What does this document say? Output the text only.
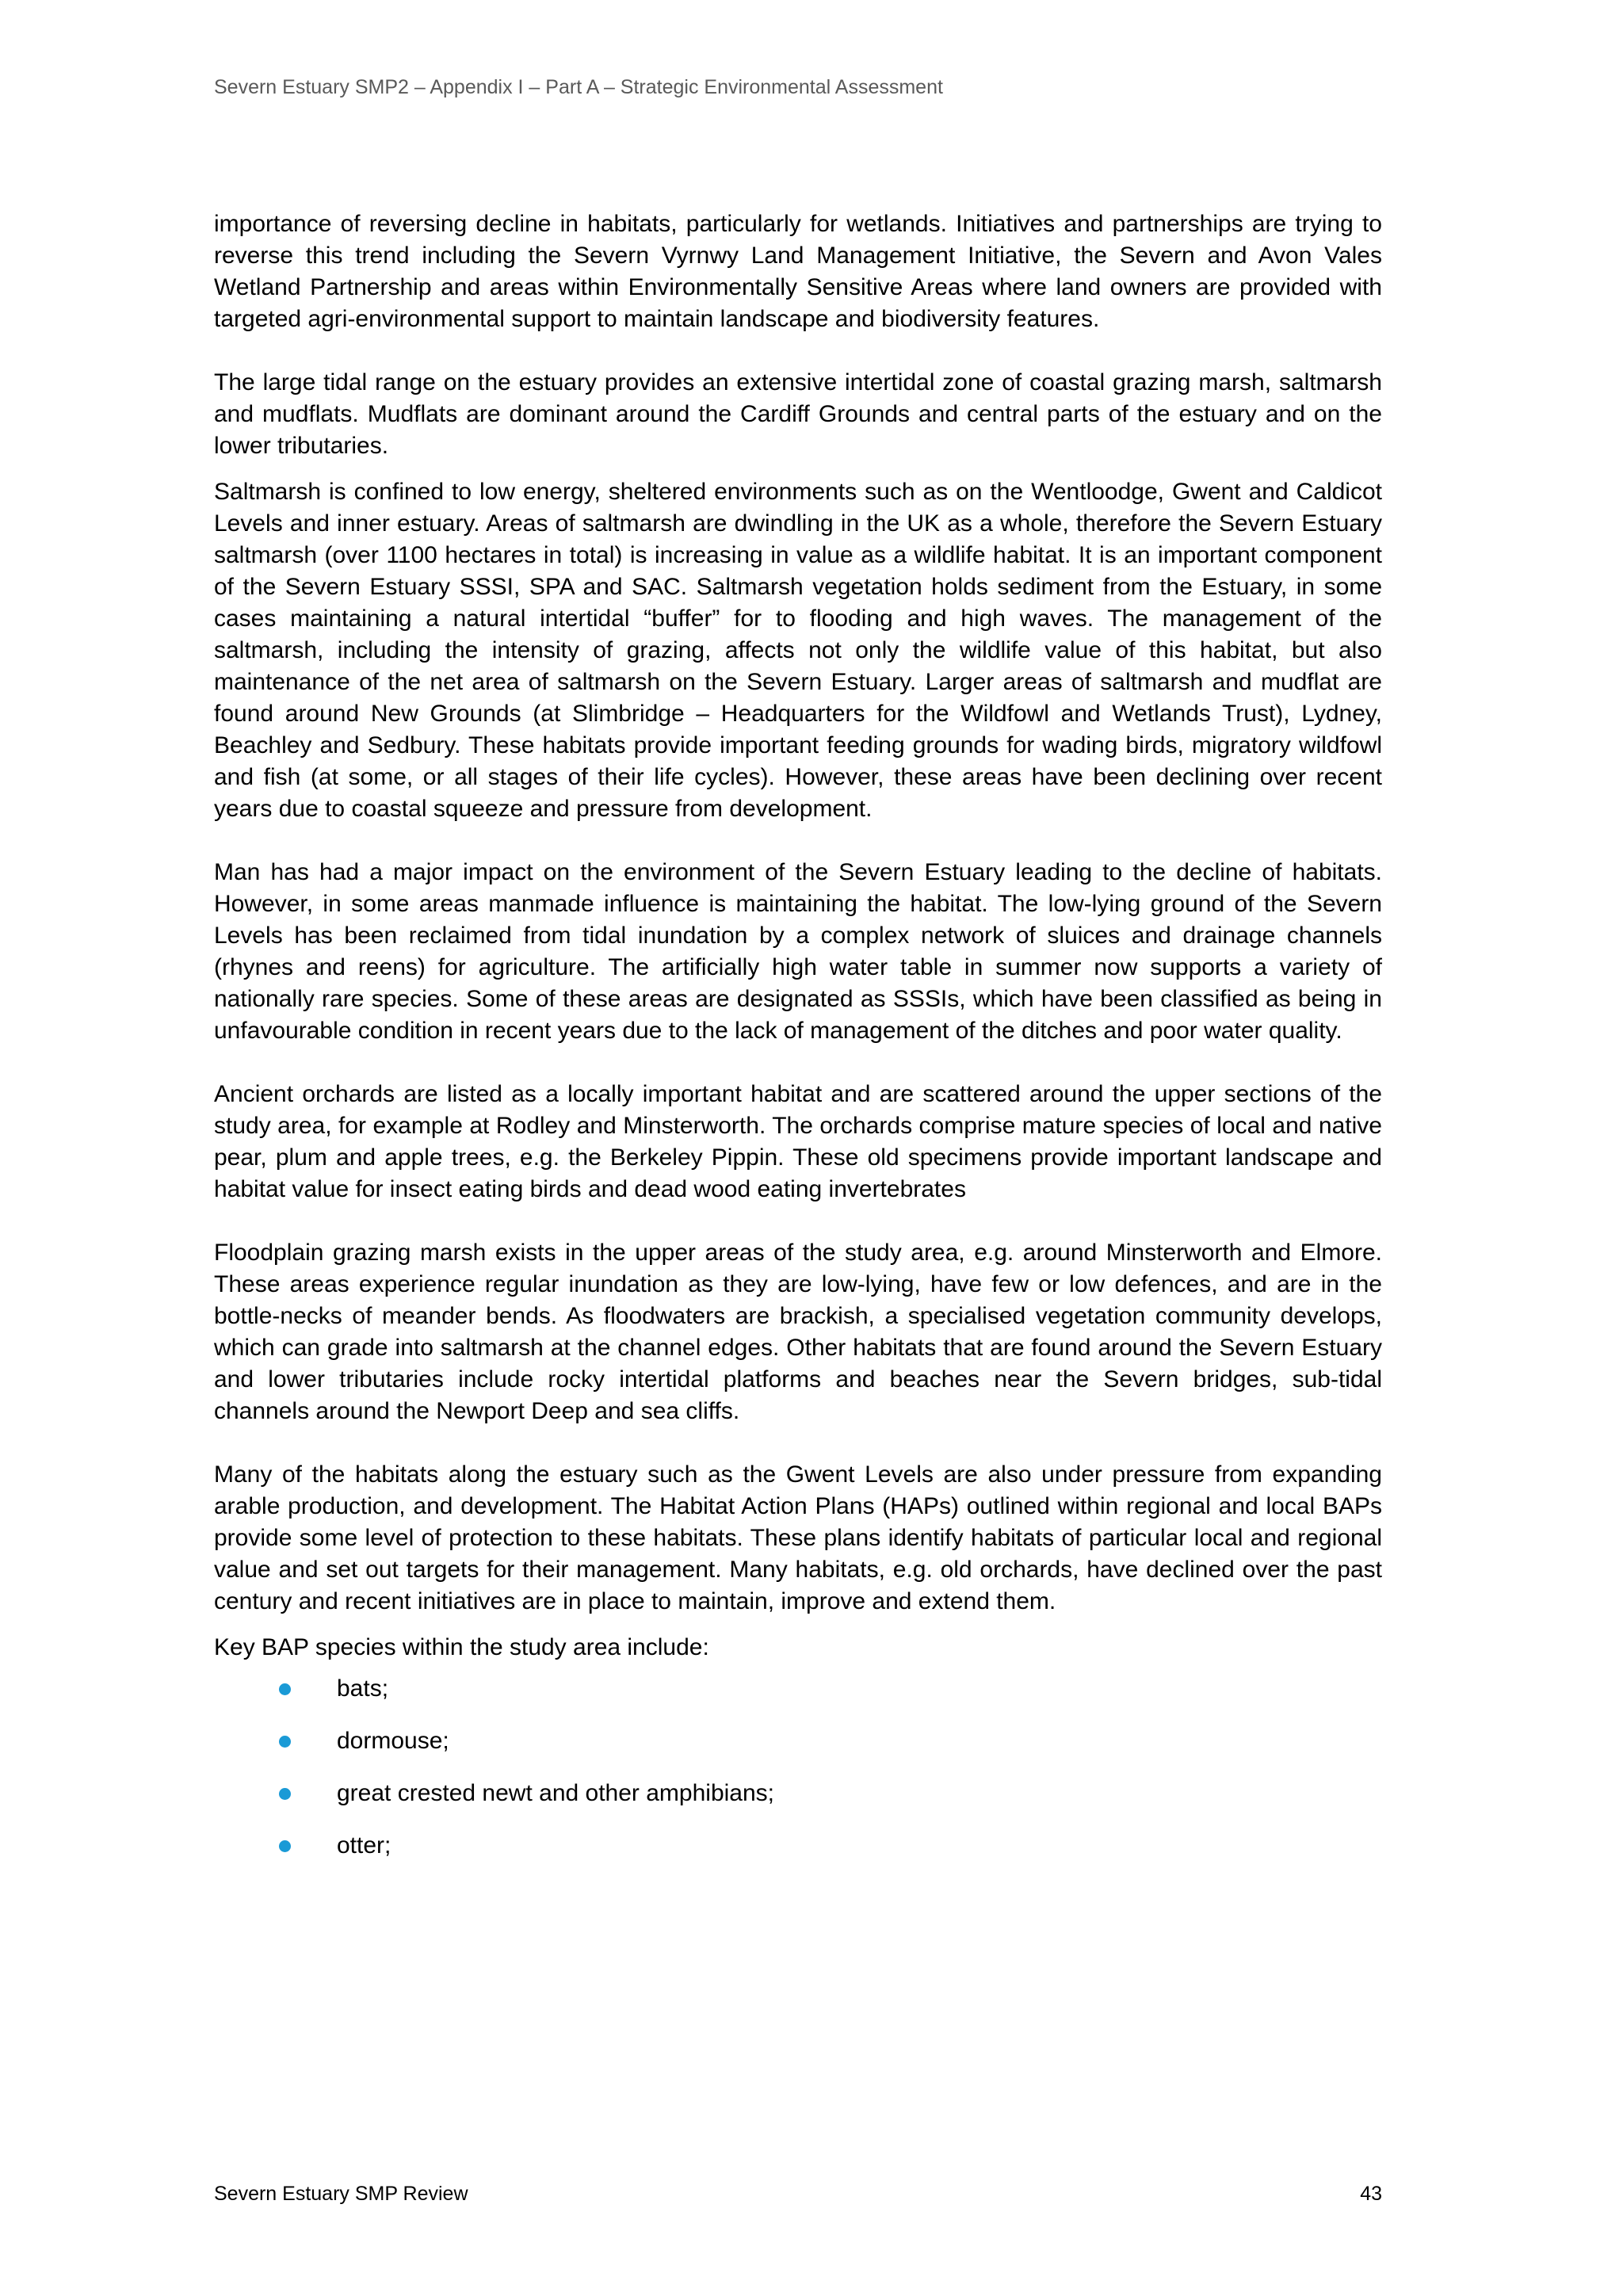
Severn Estuary SMP2 – Appendix I – Part A – Strategic Environmental Assessment

importance of reversing decline in habitats, particularly for wetlands. Initiatives and partnerships are trying to reverse this trend including the Severn Vyrnwy Land Management Initiative, the Severn and Avon Vales Wetland Partnership and areas within Environmentally Sensitive Areas where land owners are provided with targeted agri-environmental support to maintain landscape and biodiversity features.

The large tidal range on the estuary provides an extensive intertidal zone of coastal grazing marsh, saltmarsh and mudflats. Mudflats are dominant around the Cardiff Grounds and central parts of the estuary and on the lower tributaries.

Saltmarsh is confined to low energy, sheltered environments such as on the Wentloodge, Gwent and Caldicot Levels and inner estuary. Areas of saltmarsh are dwindling in the UK as a whole, therefore the Severn Estuary saltmarsh (over 1100 hectares in total) is increasing in value as a wildlife habitat. It is an important component of the Severn Estuary SSSI, SPA and SAC. Saltmarsh vegetation holds sediment from the Estuary, in some cases maintaining a natural intertidal “buffer” for to flooding and high waves. The management of the saltmarsh, including the intensity of grazing, affects not only the wildlife value of this habitat, but also maintenance of the net area of saltmarsh on the Severn Estuary. Larger areas of saltmarsh and mudflat are found around New Grounds (at Slimbridge – Headquarters for the Wildfowl and Wetlands Trust), Lydney, Beachley and Sedbury. These habitats provide important feeding grounds for wading birds, migratory wildfowl and fish (at some, or all stages of their life cycles). However, these areas have been declining over recent years due to coastal squeeze and pressure from development.

Man has had a major impact on the environment of the Severn Estuary leading to the decline of habitats. However, in some areas manmade influence is maintaining the habitat. The low-lying ground of the Severn Levels has been reclaimed from tidal inundation by a complex network of sluices and drainage channels (rhynes and reens) for agriculture. The artificially high water table in summer now supports a variety of nationally rare species. Some of these areas are designated as SSSIs, which have been classified as being in unfavourable condition in recent years due to the lack of management of the ditches and poor water quality.

Ancient orchards are listed as a locally important habitat and are scattered around the upper sections of the study area, for example at Rodley and Minsterworth. The orchards comprise mature species of local and native pear, plum and apple trees, e.g. the Berkeley Pippin. These old specimens provide important landscape and habitat value for insect eating birds and dead wood eating invertebrates

Floodplain grazing marsh exists in the upper areas of the study area, e.g. around Minsterworth and Elmore. These areas experience regular inundation as they are low-lying, have few or low defences, and are in the bottle-necks of meander bends. As floodwaters are brackish, a specialised vegetation community develops, which can grade into saltmarsh at the channel edges. Other habitats that are found around the Severn Estuary and lower tributaries include rocky intertidal platforms and beaches near the Severn bridges, sub-tidal channels around the Newport Deep and sea cliffs.

Many of the habitats along the estuary such as the Gwent Levels are also under pressure from expanding arable production, and development. The Habitat Action Plans (HAPs) outlined within regional and local BAPs provide some level of protection to these habitats. These plans identify habitats of particular local and regional value and set out targets for their management. Many habitats, e.g. old orchards, have declined over the past century and recent initiatives are in place to maintain, improve and extend them.

Key BAP species within the study area include:

bats;
dormouse;
great crested newt and other amphibians;
otter;
Severn Estuary SMP Review	43
